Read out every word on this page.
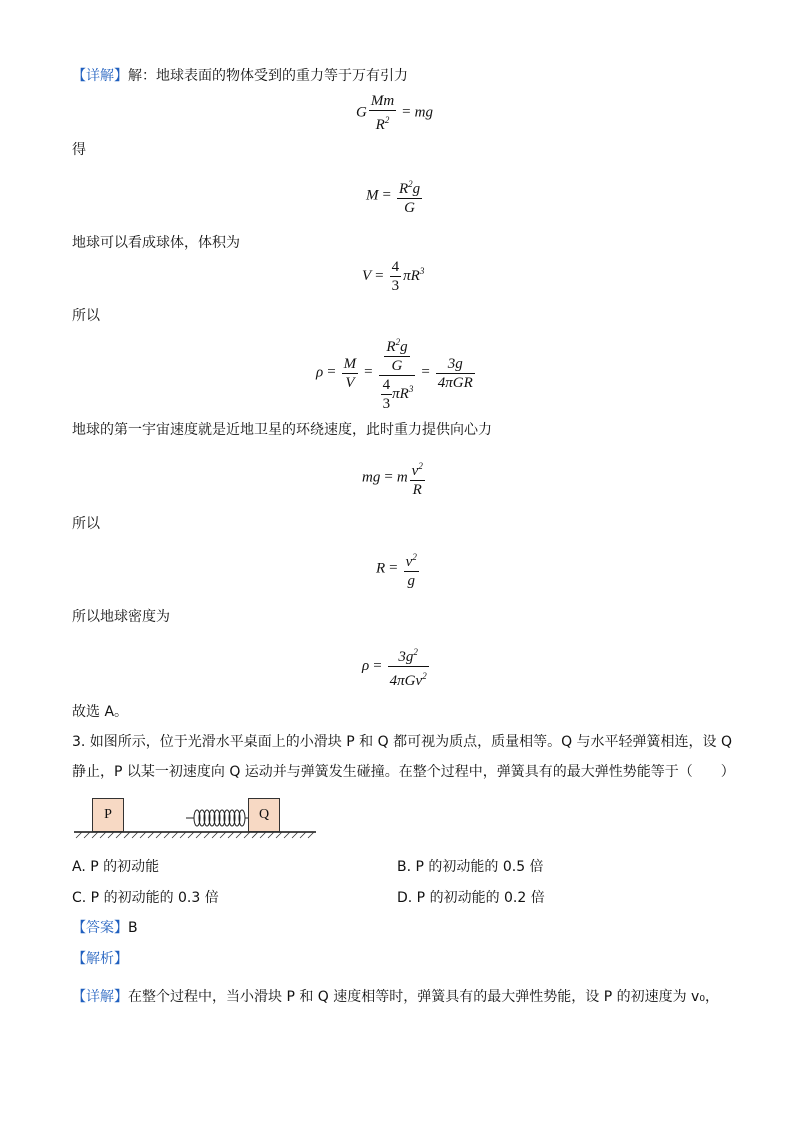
【详解】解：地球表面的物体受到的重力等于万有引力
G $\frac{Mm}{R^2}$ = mg
得
$M = \frac{R^2g}{G}$
地球可以看成球体，体积为
$V = \frac{4}{3} \pi R^3$
所以
$\rho = \frac{M}{V} = \frac{\frac{R^2g}{G}}{\frac{4}{3} \pi R^3} = \frac{3g}{\text{4πGR}}$
地球的第一宇宙速度就是近地卫星的环绕速度，此时重力提供向心力
mg = m $\frac{v^2}{R}$
所以
$R = \frac{v^2}{g}$
所以地球密度为
$\rho = \frac{3g^2}{4\pi Gv^2}$
故选 A。
3. 如图所示，位于光滑水平桌面上的小滑块 P 和 Q 都可视为质点，质量相等。Q 与水平轻弹簧相连，设 Q
静止，P 以某一初速度向 Q 运动并与弹簧发生碰撞。在整个过程中，弹簧具有的最大弹性势能等于（　　）
P	Q
A. P 的初动能	B. P 的初动能的 0.5 倍
C. P 的初动能的 0.3 倍	D. P 的初动能的 0.2 倍
【答案】B
【解析】
【详解】在整个过程中，当小滑块 P 和 Q 速度相等时，弹簧具有的最大弹性势能，设 P 的初速度为 v₀，
